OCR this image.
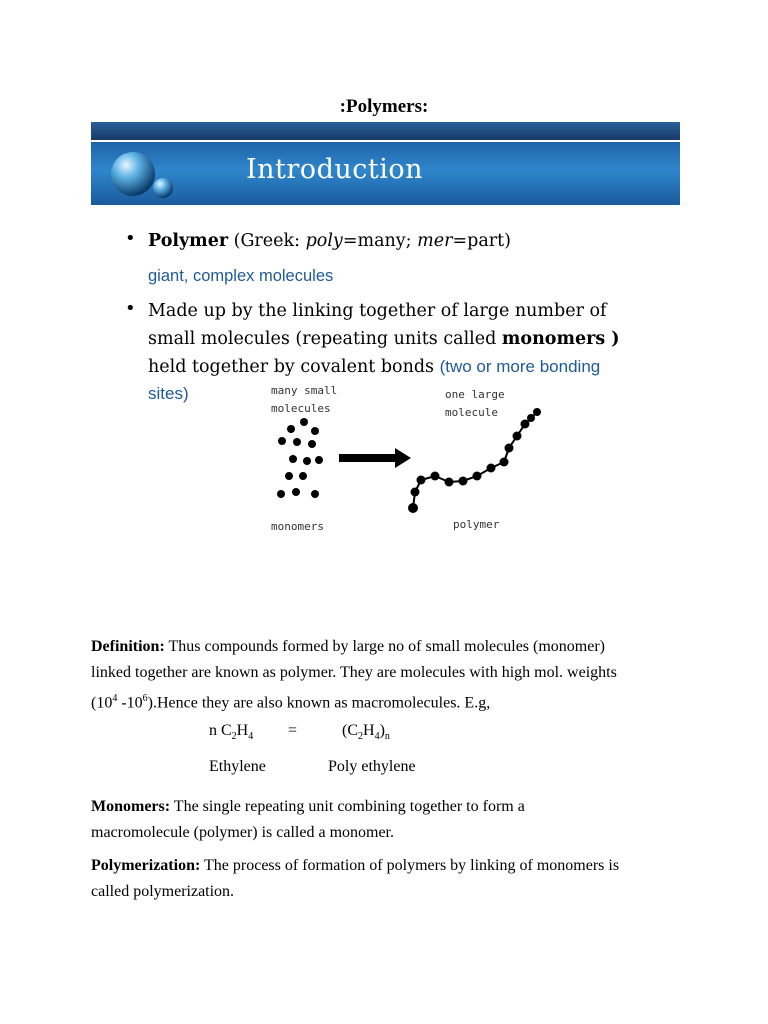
:Polymers:
Introduction
• Polymer (Greek: poly=many; mer=part)
giant, complex molecules
• Made up by the linking together of large number of
small molecules (repeating units called monomers )
held together by covalent bonds (two or more bonding
sites)	many small
molecules
one large
molecule
monomers	polymer
Definition: Thus compounds formed by large no of small molecules (monomer)
linked together are known as polymer. They are molecules with high mol. weights
($10^4$ $-10^6).Hence$ they are also known as macromolecules. E.g,
n $C_2H_4$ =	$(C_2H_4)_n$
Ethylene	Poly ethylene
Monomers: The single repeating unit combining together to form a
macromolecule (polymer) is called a monomer.
Polymerization: The process of formation of polymers by linking of monomers is
called polymerization.
